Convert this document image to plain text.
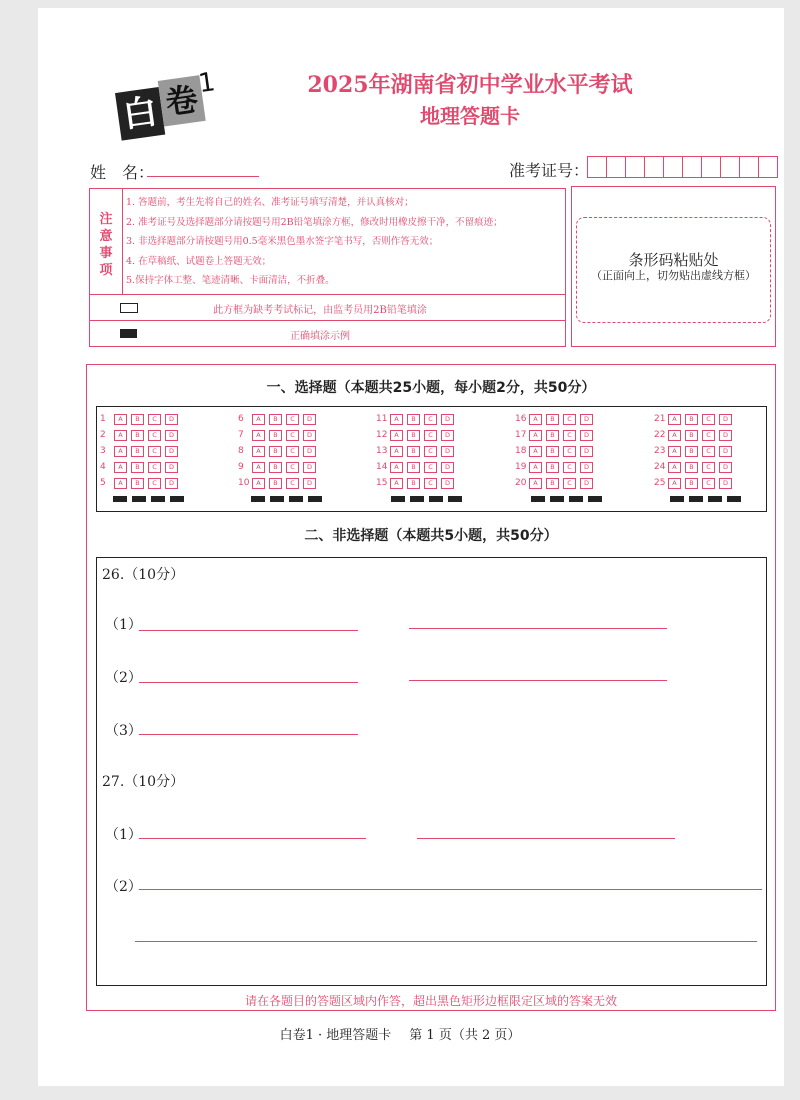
白 卷
1	2025年湖南省初中学业水平考试
地理答题卡
姓　名：	准考证号：
注
意
事
项
1. 答题前，考生先将自己的姓名、准考证号填写清楚，并认真核对；
2. 准考证号及选择题部分请按题号用2B铅笔填涂方框，修改时用橡皮擦干净，不留痕迹；
3. 非选择题部分请按题号用0.5毫米黑色墨水签字笔书写，否则作答无效；
4. 在草稿纸、试题卷上答题无效；
5.保持字体工整、笔迹清晰、卡面清洁，不折叠。
此方框为缺考考试标记，由监考员用2B铅笔填涂
正确填涂示例
条形码粘贴处
（正面向上，切勿贴出虚线方框）
一、选择题（本题共25小题，每小题2分，共50分）
1	A	B	C	D
2	A	B	C	D
3	A	B	C	D
4	A	B	C	D
5	A	B	C	D
6	A	B	C	D
7	A	B	C	D
8	A	B	C	D
9	A	B	C	D
10	A	B	C	D
11	A	B	C	D
12	A	B	C	D
13	A	B	C	D
14	A	B	C	D
15	A	B	C	D
16	A	B	C	D
17	A	B	C	D
18	A	B	C	D
19	A	B	C	D
20	A	B	C	D
21	A	B	C	D
22	A	B	C	D
23	A	B	C	D
24	A	B	C	D
25	A	B	C	D
二、非选择题（本题共5小题，共50分）
26.（10分）
（1）
（2）
（3）
27.（10分）
（1）
（2）
请在各题目的答题区域内作答，超出黑色矩形边框限定区域的答案无效
白卷1 · 地理答题卡 第 1 页（共 2 页）
